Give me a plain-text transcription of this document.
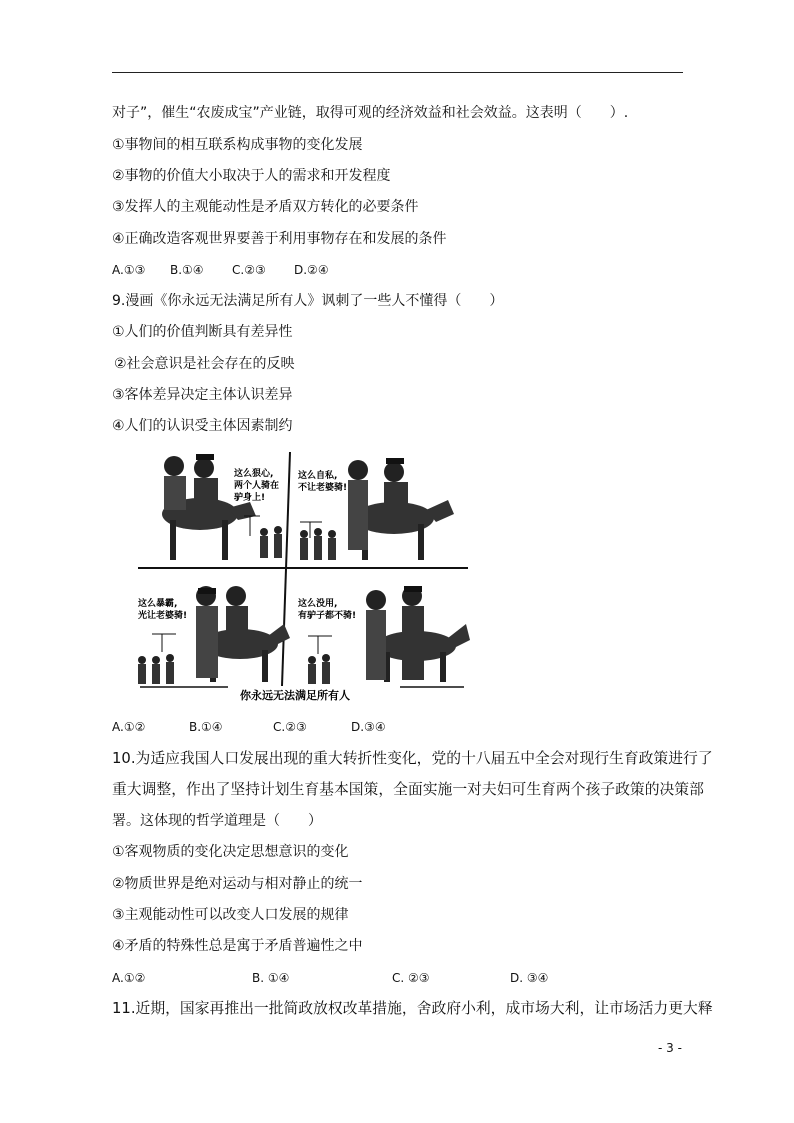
对子”，催生“农废成宝”产业链，取得可观的经济效益和社会效益。这表明（　　）.
①事物间的相互联系构成事物的变化发展
②事物的价值大小取决于人的需求和开发程度
③发挥人的主观能动性是矛盾双方转化的必要条件
④正确改造客观世界要善于利用事物存在和发展的条件
A.①③ B.①④ C.②③ D.②④
9.漫画《你永远无法满足所有人》讽刺了一些人不懂得（　　）
①人们的价值判断具有差异性
②社会意识是社会存在的反映
③客体差异决定主体认识差异
④人们的认识受主体因素制约
这么狠心,
两个人骑在
驴身上!
这么自私,
不让老婆骑!
这么暴霸,
光让老婆骑!
这么没用,
有驴子都不骑!
你永远无法满足所有人
A.①②	B.①④	C.②③	D.③④
10.为适应我国人口发展出现的重大转折性变化，党的十八届五中全会对现行生育政策进行了
重大调整，作出了坚持计划生育基本国策，全面实施一对夫妇可生育两个孩子政策的决策部
署。这体现的哲学道理是（　　）
①客观物质的变化决定思想意识的变化
②物质世界是绝对运动与相对静止的统一
③主观能动性可以改变人口发展的规律
④矛盾的特殊性总是寓于矛盾普遍性之中
A.①②	B. ①④	C. ②③	D. ③④
11.近期，国家再推出一批简政放权改革措施，舍政府小利，成市场大利，让市场活力更大释
- 3 -
